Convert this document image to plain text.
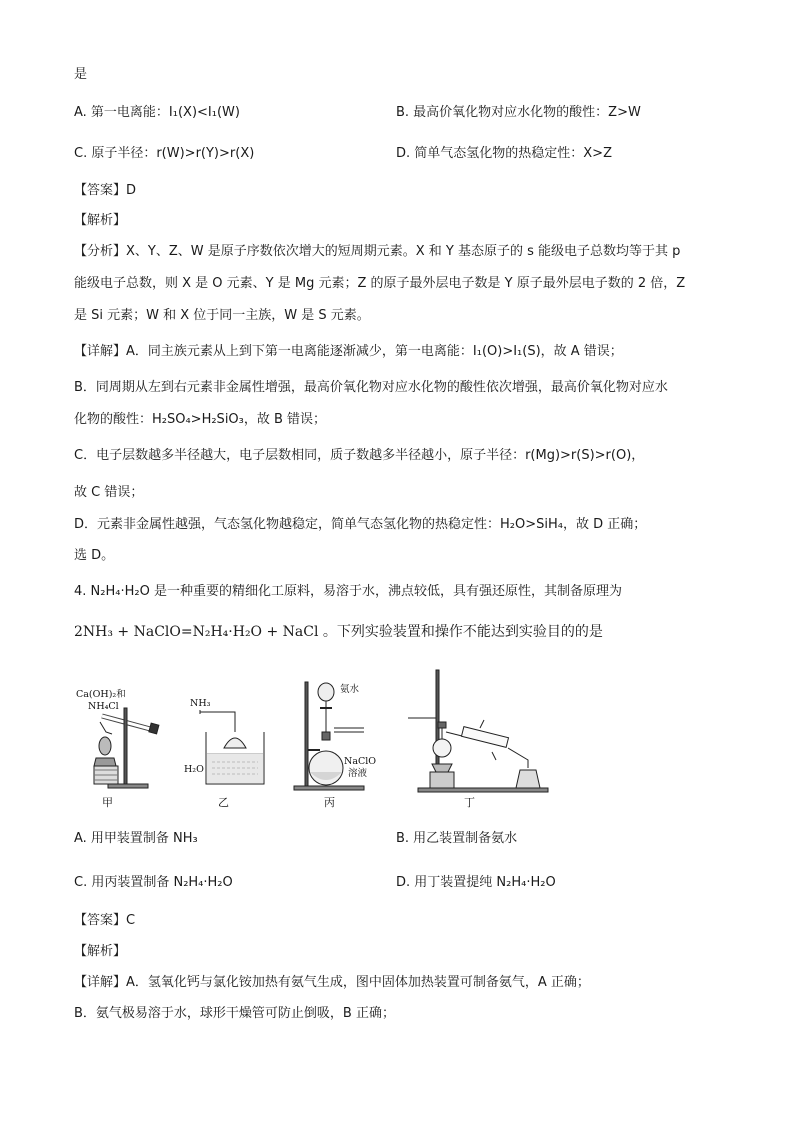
是
A. 第一电离能：I₁(X)<I₁(W)	B. 最高价氧化物对应水化物的酸性：Z>W
C. 原子半径：r(W)>r(Y)>r(X)	D. 简单气态氢化物的热稳定性：X>Z
【答案】D
【解析】
【分析】X、Y、Z、W 是原子序数依次增大的短周期元素。X 和 Y 基态原子的 s 能级电子总数均等于其 p
能级电子总数，则 X 是 O 元素、Y 是 Mg 元素；Z 的原子最外层电子数是 Y 原子最外层电子数的 2 倍，Z
是 Si 元素；W 和 X 位于同一主族，W 是 S 元素。
【详解】A．同主族元素从上到下第一电离能逐渐减少，第一电离能：I₁(O)>I₁(S)，故 A 错误；
B．同周期从左到右元素非金属性增强，最高价氧化物对应水化物的酸性依次增强，最高价氧化物对应水
化物的酸性：H₂SO₄>H₂SiO₃，故 B 错误；
C．电子层数越多半径越大，电子层数相同，质子数越多半径越小，原子半径：r(Mg)>r(S)>r(O)，
故 C 错误；
D．元素非金属性越强，气态氢化物越稳定，简单气态氢化物的热稳定性：H₂O>SiH₄，故 D 正确；
选 D。
4. N₂H₄·H₂O 是一种重要的精细化工原料，易溶于水，沸点较低，具有强还原性，其制备原理为
2NH₃ + NaClO=N₂H₄·H₂O + NaCl 。下列实验装置和操作不能达到实验目的的是
Ca(OH)₂和
NH₄Cl	NH₃
H₂O
氨水
NaClO
溶液
甲	乙	丙	丁
A. 用甲装置制备 NH₃	B. 用乙装置制备氨水
C. 用丙装置制备 N₂H₄·H₂O	D. 用丁装置提纯 N₂H₄·H₂O
【答案】C
【解析】
【详解】A．氢氧化钙与氯化铵加热有氨气生成，图中固体加热装置可制备氨气，A 正确；
B．氨气极易溶于水，球形干燥管可防止倒吸，B 正确；
